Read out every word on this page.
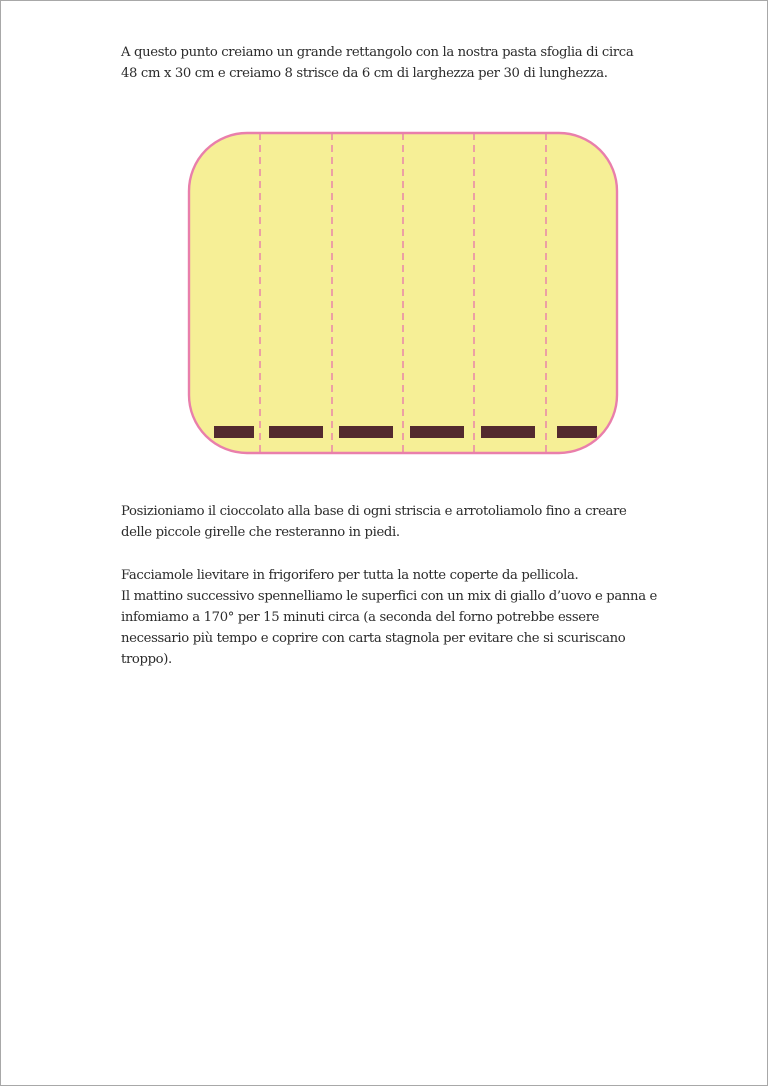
A questo punto creiamo un grande rettangolo con la nostra pasta sfoglia di circa 48 cm x 30 cm e creiamo 8 strisce da 6 cm di larghezza per 30 di lunghezza.

Posizioniamo il cioccolato alla base di ogni striscia e arrotoliamolo fino a creare delle piccole girelle che resteranno in piedi.

Facciamole lievitare in frigorifero per tutta la notte coperte da pellicola.
Il mattino successivo spennelliamo le superfici con un mix di giallo d’uovo e panna e infomiamo a 170° per 15 minuti circa (a seconda del forno potrebbe essere necessario più tempo e coprire con carta stagnola per evitare che si scuriscano troppo).
